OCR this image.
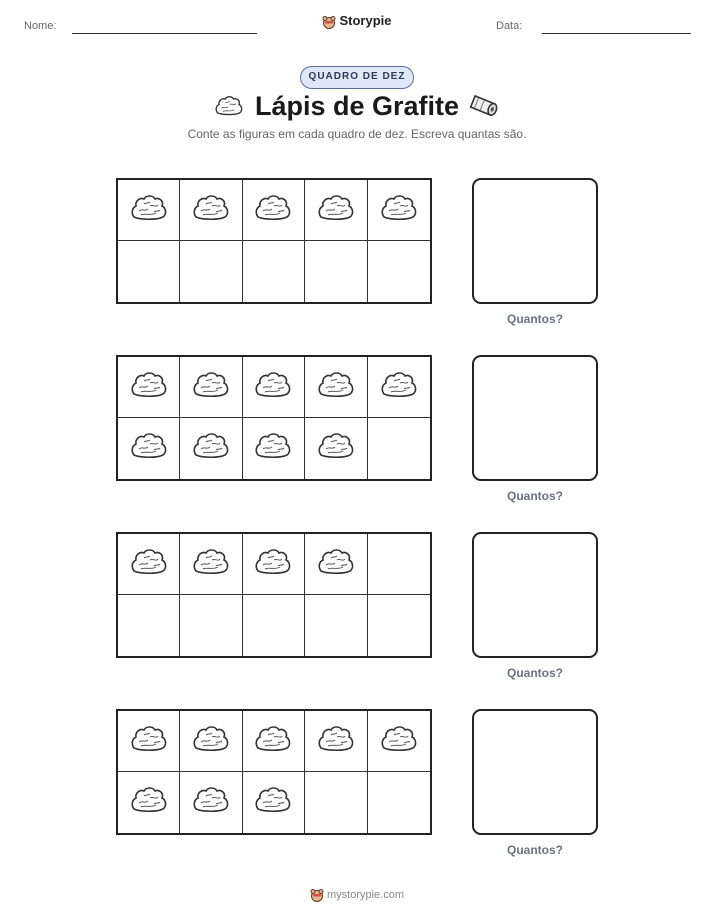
Nome:	Storypie	Data:
QUADRO DE DEZ
Lápis de Grafite
Conte as figuras em cada quadro de dez. Escreva quantas são.
Quantos?
Quantos?
Quantos?
Quantos?
mystorypie.com
